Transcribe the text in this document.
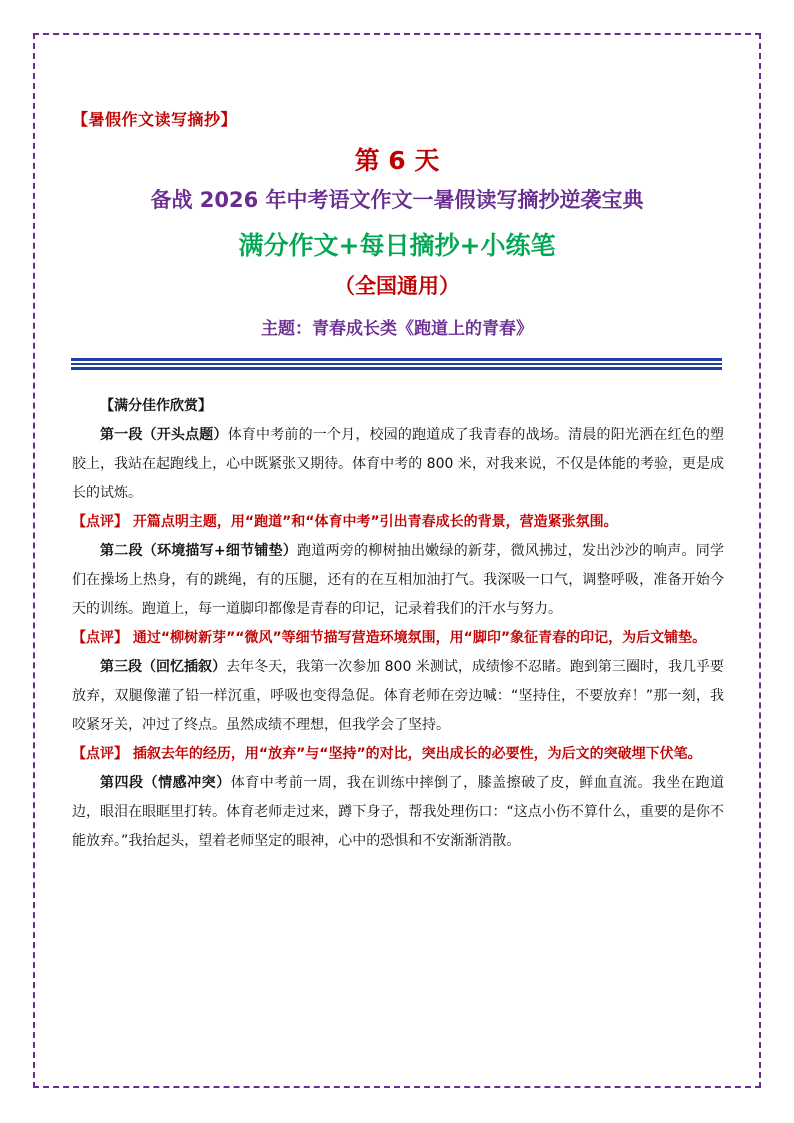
【暑假作文读写摘抄】
第 6 天
备战 2026 年中考语文作文一暑假读写摘抄逆袭宝典
满分作文+每日摘抄+小练笔
（全国通用）
主题：青春成长类《跑道上的青春》

【满分佳作欣赏】

第一段（开头点题）体育中考前的一个月，校园的跑道成了我青春的战场。清晨的阳光洒在红色的塑胶上，我站在起跑线上，心中既紧张又期待。体育中考的 800 米，对我来说，不仅是体能的考验，更是成长的试炼。

【点评】 开篇点明主题，用“跑道”和“体育中考”引出青春成长的背景，营造紧张氛围。

第二段（环境描写+细节铺垫）跑道两旁的柳树抽出嫩绿的新芽，微风拂过，发出沙沙的响声。同学们在操场上热身，有的跳绳，有的压腿，还有的在互相加油打气。我深吸一口气，调整呼吸，准备开始今天的训练。跑道上，每一道脚印都像是青春的印记，记录着我们的汗水与努力。

【点评】 通过“柳树新芽”“微风”等细节描写营造环境氛围，用“脚印”象征青春的印记，为后文铺垫。

第三段（回忆插叙）去年冬天，我第一次参加 800 米测试，成绩惨不忍睹。跑到第三圈时，我几乎要放弃，双腿像灌了铅一样沉重，呼吸也变得急促。体育老师在旁边喊：“坚持住，不要放弃！”那一刻，我咬紧牙关，冲过了终点。虽然成绩不理想，但我学会了坚持。

【点评】 插叙去年的经历，用“放弃”与“坚持”的对比，突出成长的必要性，为后文的突破埋下伏笔。

第四段（情感冲突）体育中考前一周，我在训练中摔倒了，膝盖擦破了皮，鲜血直流。我坐在跑道边，眼泪在眼眶里打转。体育老师走过来，蹲下身子，帮我处理伤口：“这点小伤不算什么，重要的是你不能放弃。”我抬起头，望着老师坚定的眼神，心中的恐惧和不安渐渐消散。
